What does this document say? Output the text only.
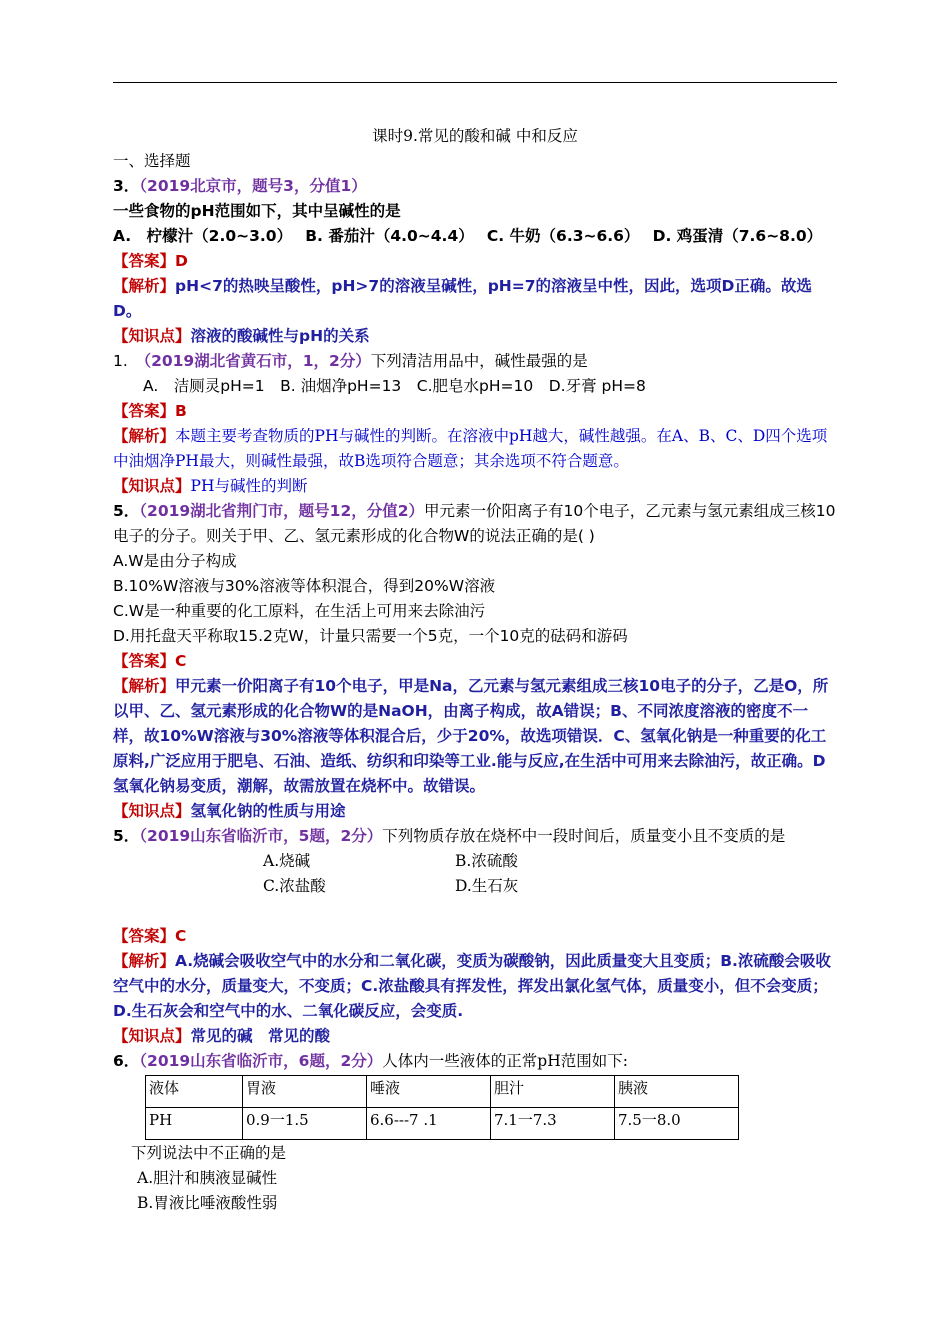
课时9.常见的酸和碱 中和反应
一、选择题
3．（2019北京市，题号3，分值1）
一些食物的pH范围如下，其中呈碱性的是
A.　柠檬汁（2.0~3.0）　 B. 番茄汁（4.0~4.4）　 C. 牛奶（6.3~6.6）　 D. 鸡蛋清（7.6~8.0）
【答案】D
【解析】pH<7的热映呈酸性，pH>7的溶液呈碱性，pH=7的溶液呈中性，因此，选项D正确。故选D。
【知识点】溶液的酸碱性与pH的关系
1.　 （2019湖北省黄石市，1，2分）下列清洁用品中，碱性最强的是
A.　洁厕灵pH=1　B. 油烟净pH=13　C.肥皂水pH=10　D.牙膏 pH=8
【答案】B
【解析】本题主要考查物质的PH与碱性的判断。在溶液中pH越大，碱性越强。在A、B、C、D四个选项中油烟净PH最大，则碱性最强，故B选项符合题意；其余选项不符合题意。
【知识点】PH与碱性的判断
5．（2019湖北省荆门市，题号12，分值2）甲元素一价阳离子有10个电子，乙元素与氢元素组成三核10电子的分子。则关于甲、乙、氢元素形成的化合物W的说法正确的是( )
A.W是由分子构成
B.10%W溶液与30%溶液等体积混合，得到20%W溶液
C.W是一种重要的化工原料，在生活上可用来去除油污
D.用托盘天平称取15.2克W，计量只需要一个5克，一个10克的砝码和游码
【答案】C
【解析】甲元素一价阳离子有10个电子，甲是Na，乙元素与氢元素组成三核10电子的分子，乙是O，所以甲、乙、氢元素形成的化合物W的是NaOH，由离子构成，故A错误；B、不同浓度溶液的密度不一样，故10%W溶液与30%溶液等体积混合后，少于20%，故选项错误．C、氢氧化钠是一种重要的化工原料,广泛应用于肥皂、石油、造纸、纺织和印染等工业.能与反应,在生活中可用来去除油污，故正确。D氢氧化钠易变质，潮解，故需放置在烧杯中。故错误。
【知识点】氢氧化钠的性质与用途
5．（2019山东省临沂市，5题，2分）下列物质存放在烧杯中一段时间后，质量变小且不变质的是
A.烧碱	B.浓硫酸
C.浓盐酸	D.生石灰
【答案】C
【解析】A.烧碱会吸收空气中的水分和二氧化碳，变质为碳酸钠，因此质量变大且变质；B.浓硫酸会吸收空气中的水分，质量变大，不变质；C.浓盐酸具有挥发性，挥发出氯化氢气体，质量变小，但不会变质；D.生石灰会和空气中的水、二氧化碳反应，会变质.
【知识点】常见的碱　常见的酸
6．（2019山东省临沂市，6题，2分）人体内一些液体的正常pH范围如下:
液体	胃液	唾液	胆汁	胰液
PH	0.9一1.5	6.6---7 .1	7.1一7.3	7.5一8.0
下列说法中不正确的是
A.胆汁和胰液显碱性
B.胃液比唾液酸性弱
